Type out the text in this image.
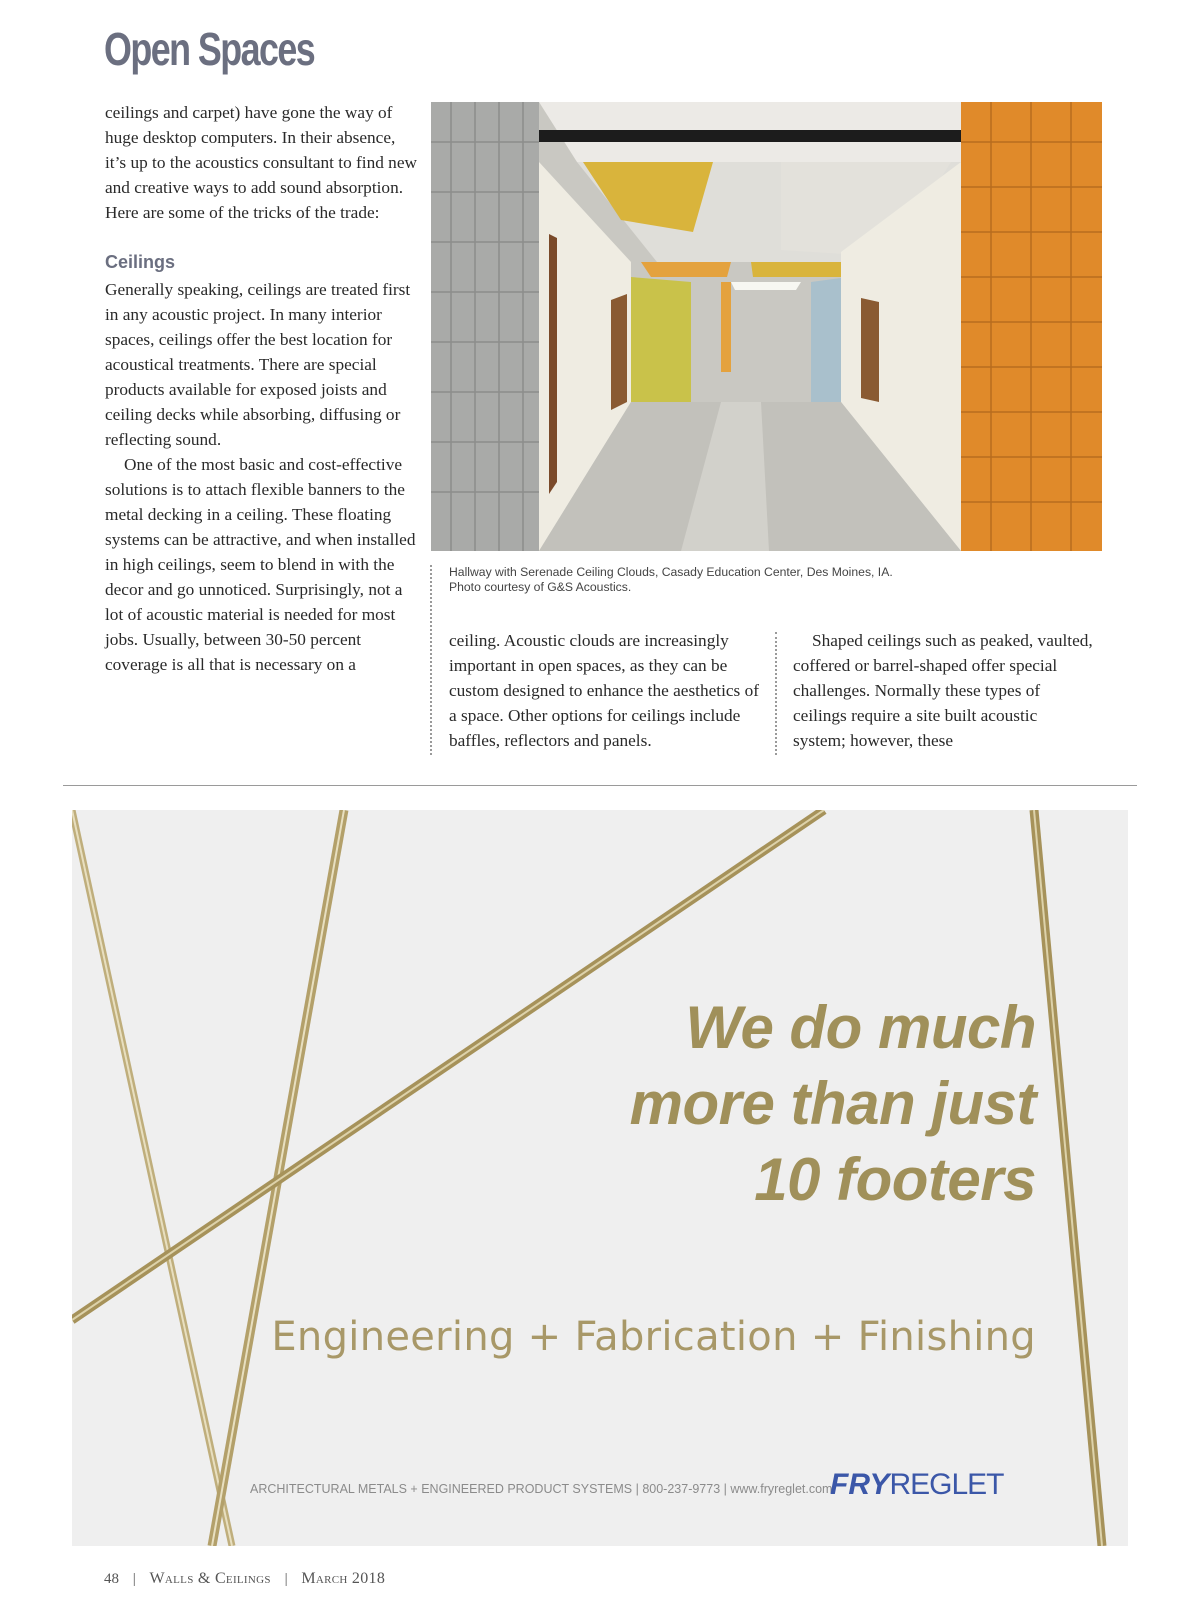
Open Spaces

ceilings and carpet) have gone the way of huge desktop computers. In their absence, it’s up to the acoustics consultant to find new and creative ways to add sound absorption. Here are some of the tricks of the trade:

Ceilings

Generally speaking, ceilings are treated first in any acoustic project. In many interior spaces, ceilings offer the best location for acoustical treatments. There are special products available for exposed joists and ceiling decks while absorbing, diffusing or reflecting sound.

One of the most basic and cost-effective solutions is to attach flexible banners to the metal decking in a ceiling. These floating systems can be attractive, and when installed in high ceilings, seem to blend in with the decor and go unnoticed. Surprisingly, not a lot of acoustic material is needed for most jobs. Usually, between 30-50 percent coverage is all that is necessary on a

ceiling. Acoustic clouds are increasingly important in open spaces, as they can be custom designed to enhance the aesthetics of a space. Other options for ceilings include baffles, reflectors and panels.

Shaped ceilings such as peaked, vaulted, coffered or barrel-shaped offer special challenges. Normally these types of ceilings require a site built acoustic system; however, these

Hallway with Serenade Ceiling Clouds, Casady Education Center, Des Moines, IA.
Photo courtesy of G&S Acoustics.
We do much
more than just
10 footers
Engineering + Fabrication + Finishing
ARCHITECTURAL METALS + ENGINEERED PRODUCT SYSTEMS | 800-237-9773 | www.fryreglet.com
FRYREGLET
48 | Walls & Ceilings | March 2018
